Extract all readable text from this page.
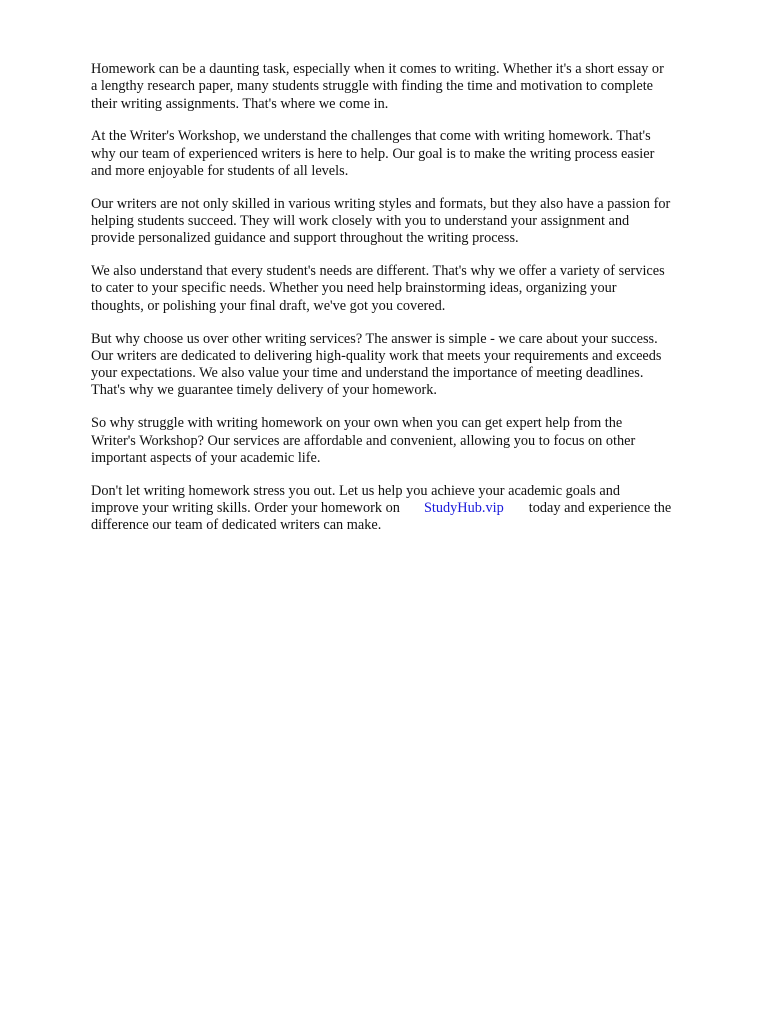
Homework can be a daunting task, especially when it comes to writing. Whether it's a short essay or
a lengthy research paper, many students struggle with finding the time and motivation to complete
their writing assignments. That's where we come in.

At the Writer's Workshop, we understand the challenges that come with writing homework. That's
why our team of experienced writers is here to help. Our goal is to make the writing process easier
and more enjoyable for students of all levels.

Our writers are not only skilled in various writing styles and formats, but they also have a passion for
helping students succeed. They will work closely with you to understand your assignment and
provide personalized guidance and support throughout the writing process.

We also understand that every student's needs are different. That's why we offer a variety of services
to cater to your specific needs. Whether you need help brainstorming ideas, organizing your
thoughts, or polishing your final draft, we've got you covered.

But why choose us over other writing services? The answer is simple - we care about your success.
Our writers are dedicated to delivering high-quality work that meets your requirements and exceeds
your expectations. We also value your time and understand the importance of meeting deadlines.
That's why we guarantee timely delivery of your homework.

So why struggle with writing homework on your own when you can get expert help from the
Writer's Workshop? Our services are affordable and convenient, allowing you to focus on other
important aspects of your academic life.

Don't let writing homework stress you out. Let us help you achieve your academic goals and
improve your writing skills. Order your homework on StudyHub.vip today and experience the
difference our team of dedicated writers can make.
